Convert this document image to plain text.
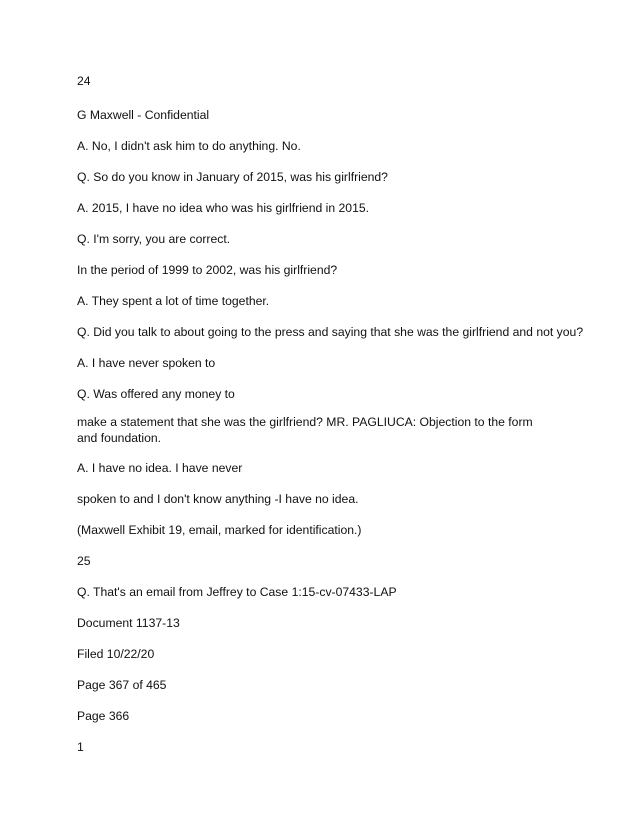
24
G Maxwell - Confidential
A. No, I didn't ask him to do anything. No.
Q. So do you know in January of 2015, was his girlfriend?
A. 2015, I have no idea who was his girlfriend in 2015.
Q. I'm sorry, you are correct.
In the period of 1999 to 2002, was his girlfriend?
A. They spent a lot of time together.
Q. Did you talk to about going to the press and saying that she was the girlfriend and not you?
A. I have never spoken to
Q. Was offered any money to
make a statement that she was the girlfriend? MR. PAGLIUCA: Objection to the form and foundation.
A. I have no idea. I have never
spoken to and I don't know anything -I have no idea.
(Maxwell Exhibit 19, email, marked for identification.)
25
Q. That's an email from Jeffrey to Case 1:15-cv-07433-LAP
Document 1137-13
Filed 10/22/20
Page 367 of 465
Page 366
1
